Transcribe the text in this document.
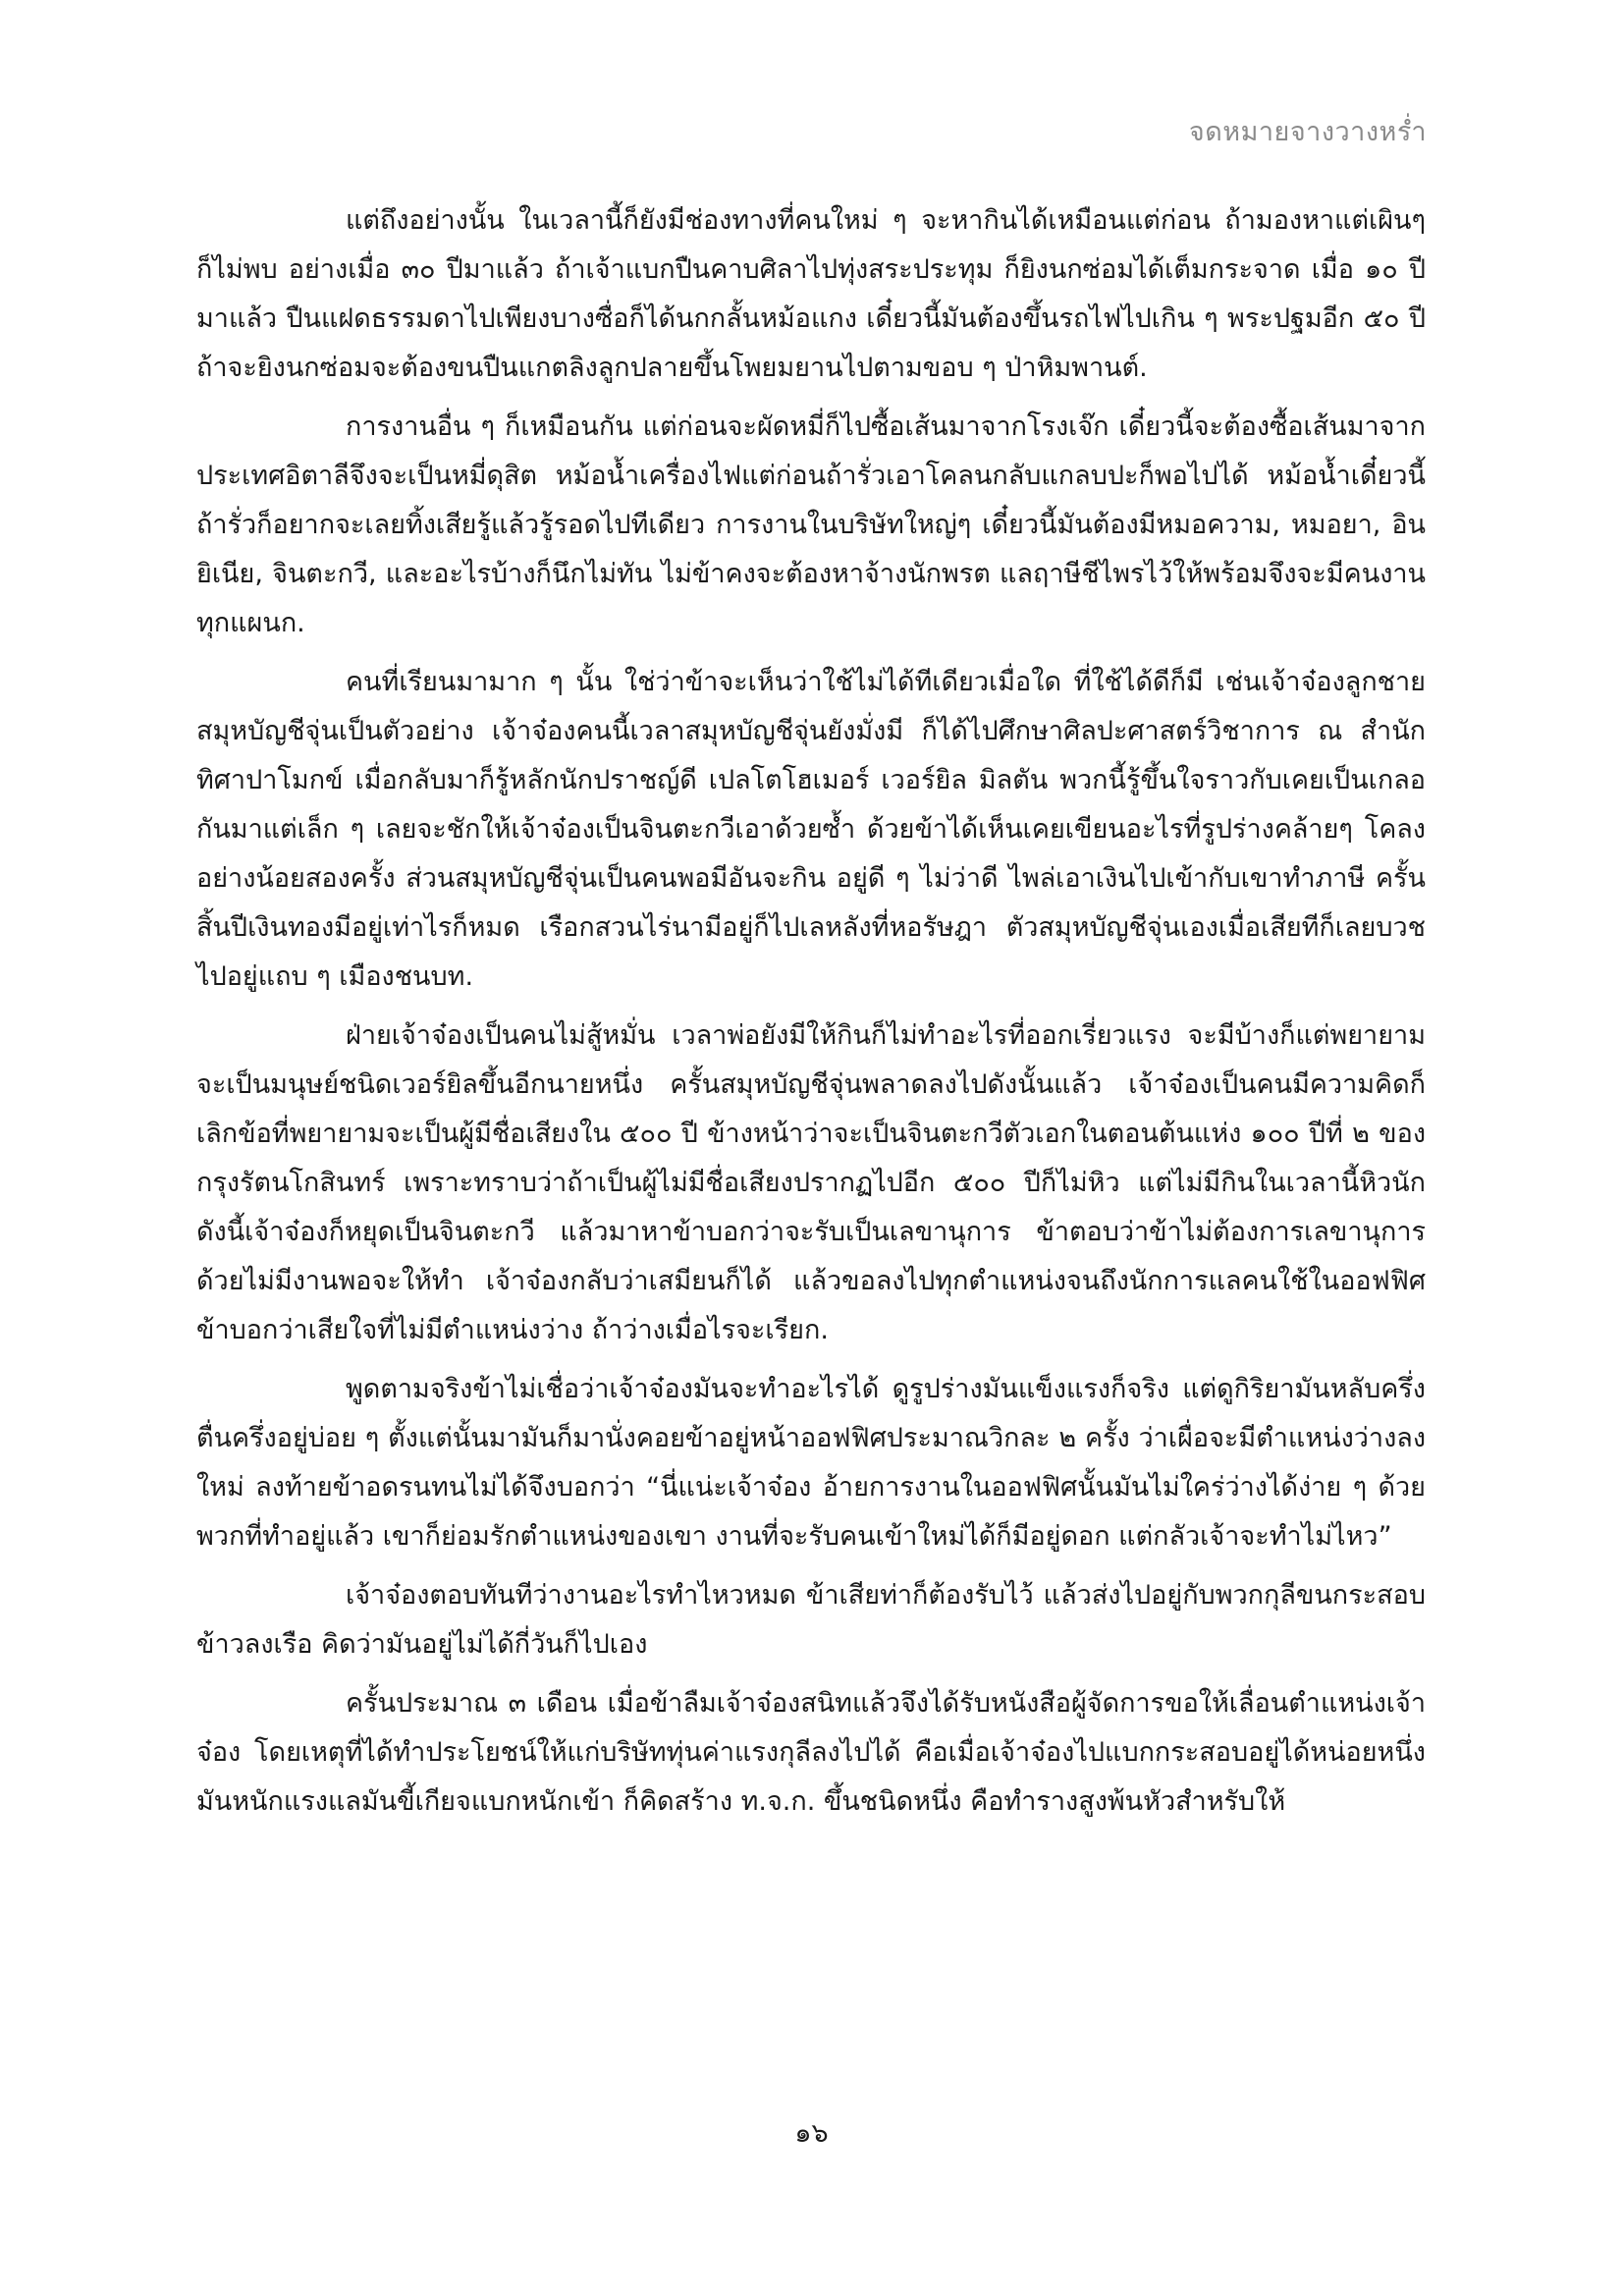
จดหมายจางวางหร่ำ

แต่ถึงอย่างนั้น ในเวลานี้ก็ยังมีช่องทางที่คนใหม่ ๆ จะหากินได้เหมือนแต่ก่อน ถ้ามองหาแต่เผินๆ ก็ไม่พบ อย่างเมื่อ ๓๐ ปีมาแล้ว ถ้าเจ้าแบกปืนคาบศิลาไปทุ่งสระประทุม ก็ยิงนกซ่อมได้เต็มกระจาด เมื่อ ๑๐ ปีมาแล้ว ปืนแฝดธรรมดาไปเพียงบางซื่อก็ได้นกกลั้นหม้อแกง เดี๋ยวนี้มันต้องขึ้นรถไฟไปเกิน ๆ พระปฐมอีก ๕๐ ปี ถ้าจะยิงนกซ่อมจะต้องขนปืนแกตลิงลูกปลายขึ้นโพยมยานไปตามขอบ ๆ ป่าหิมพานต์.

การงานอื่น ๆ ก็เหมือนกัน แต่ก่อนจะผัดหมี่ก็ไปซื้อเส้นมาจากโรงเจ๊ก เดี๋ยวนี้จะต้องซื้อเส้นมาจากประเทศอิตาลีจึงจะเป็นหมี่ดุสิต หม้อน้ำเครื่องไฟแต่ก่อนถ้ารั่วเอาโคลนกลับแกลบปะก็พอไปได้ หม้อน้ำเดี๋ยวนี้ถ้ารั่วก็อยากจะเลยทิ้งเสียรู้แล้วรู้รอดไปทีเดียว การงานในบริษัทใหญ่ๆ เดี๋ยวนี้มันต้องมีหมอความ, หมอยา, อินยิเนีย, จินตะกวี, และอะไรบ้างก็นึกไม่ทัน ไม่ข้าคงจะต้องหาจ้างนักพรต แลฤาษีชีไพรไว้ให้พร้อมจึงจะมีคนงานทุกแผนก.

คนที่เรียนมามาก ๆ นั้น ใช่ว่าข้าจะเห็นว่าใช้ไม่ได้ทีเดียวเมื่อใด ที่ใช้ได้ดีก็มี เช่นเจ้าจ๋องลูกชายสมุหบัญชีจุ่นเป็นตัวอย่าง เจ้าจ๋องคนนี้เวลาสมุหบัญชีจุ่นยังมั่งมี ก็ได้ไปศึกษาศิลปะศาสตร์วิชาการ ณ สำนักทิศาปาโมกข์ เมื่อกลับมาก็รู้หลักนักปราชญ์ดี เปลโตโฮเมอร์ เวอร์ยิล มิลตัน พวกนี้รู้ขึ้นใจราวกับเคยเป็นเกลอกันมาแต่เล็ก ๆ เลยจะชักให้เจ้าจ๋องเป็นจินตะกวีเอาด้วยซ้ำ ด้วยข้าได้เห็นเคยเขียนอะไรที่รูปร่างคล้ายๆ โคลงอย่างน้อยสองครั้ง ส่วนสมุหบัญชีจุ่นเป็นคนพอมีอันจะกิน อยู่ดี ๆ ไม่ว่าดี ไพล่เอาเงินไปเข้ากับเขาทำภาษี ครั้นสิ้นปีเงินทองมีอยู่เท่าไรก็หมด เรือกสวนไร่นามีอยู่ก็ไปเลหลังที่หอรัษฎา ตัวสมุหบัญชีจุ่นเองเมื่อเสียทีก็เลยบวชไปอยู่แถบ ๆ เมืองชนบท.

ฝ่ายเจ้าจ๋องเป็นคนไม่สู้หมั่น เวลาพ่อยังมีให้กินก็ไม่ทำอะไรที่ออกเรี่ยวแรง จะมีบ้างก็แต่พยายามจะเป็นมนุษย์ชนิดเวอร์ยิลขึ้นอีกนายหนึ่ง ครั้นสมุหบัญชีจุ่นพลาดลงไปดังนั้นแล้ว เจ้าจ๋องเป็นคนมีความคิดก็เลิกข้อที่พยายามจะเป็นผู้มีชื่อเสียงใน ๕๐๐ ปี ข้างหน้าว่าจะเป็นจินตะกวีตัวเอกในตอนต้นแห่ง ๑๐๐ ปีที่ ๒ ของกรุงรัตนโกสินทร์ เพราะทราบว่าถ้าเป็นผู้ไม่มีชื่อเสียงปรากฏไปอีก ๕๐๐ ปีก็ไม่หิว แต่ไม่มีกินในเวลานี้หิวนัก ดังนี้เจ้าจ๋องก็หยุดเป็นจินตะกวี แล้วมาหาข้าบอกว่าจะรับเป็นเลขานุการ ข้าตอบว่าข้าไม่ต้องการเลขานุการ ด้วยไม่มีงานพอจะให้ทำ เจ้าจ๋องกลับว่าเสมียนก็ได้ แล้วขอลงไปทุกตำแหน่งจนถึงนักการแลคนใช้ในออฟฟิศ ข้าบอกว่าเสียใจที่ไม่มีตำแหน่งว่าง ถ้าว่างเมื่อไรจะเรียก.

พูดตามจริงข้าไม่เชื่อว่าเจ้าจ๋องมันจะทำอะไรได้ ดูรูปร่างมันแข็งแรงก็จริง แต่ดูกิริยามันหลับครึ่งตื่นครึ่งอยู่บ่อย ๆ ตั้งแต่นั้นมามันก็มานั่งคอยข้าอยู่หน้าออฟฟิศประมาณวิกละ ๒ ครั้ง ว่าเผื่อจะมีตำแหน่งว่างลงใหม่ ลงท้ายข้าอดรนทนไม่ได้จึงบอกว่า “นี่แน่ะเจ้าจ๋อง อ้ายการงานในออฟฟิศนั้นมันไม่ใคร่ว่างได้ง่าย ๆ ด้วยพวกที่ทำอยู่แล้ว เขาก็ย่อมรักตำแหน่งของเขา งานที่จะรับคนเข้าใหม่ได้ก็มีอยู่ดอก แต่กลัวเจ้าจะทำไม่ไหว”

เจ้าจ๋องตอบทันทีว่างานอะไรทำไหวหมด ข้าเสียท่าก็ต้องรับไว้ แล้วส่งไปอยู่กับพวกกุลีขนกระสอบข้าวลงเรือ คิดว่ามันอยู่ไม่ได้กี่วันก็ไปเอง

ครั้นประมาณ ๓ เดือน เมื่อข้าลืมเจ้าจ๋องสนิทแล้วจึงได้รับหนังสือผู้จัดการขอให้เลื่อนตำแหน่งเจ้าจ๋อง โดยเหตุที่ได้ทำประโยชน์ให้แก่บริษัททุ่นค่าแรงกุลีลงไปได้ คือเมื่อเจ้าจ๋องไปแบกกระสอบอยู่ได้หน่อยหนึ่ง มันหนักแรงแลมันขี้เกียจแบกหนักเข้า ก็คิดสร้าง ท.จ.ก. ขึ้นชนิดหนึ่ง คือทำรางสูงพ้นหัวสำหรับให้

๑๖
